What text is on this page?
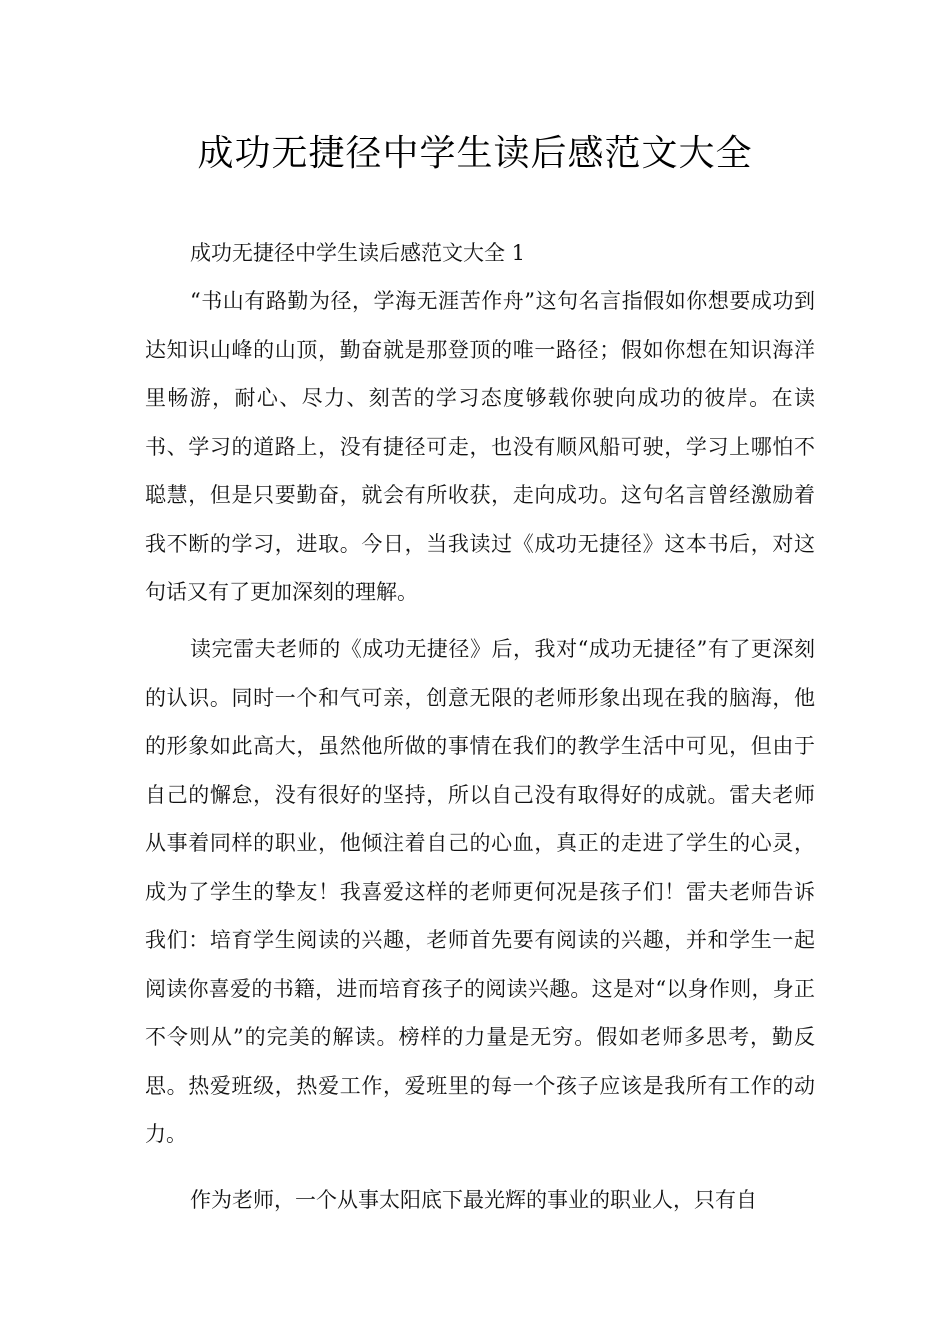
成功无捷径中学生读后感范文大全

成功无捷径中学生读后感范文大全 1

“书山有路勤为径，学海无涯苦作舟”这句名言指假如你想要成功到达知识山峰的山顶，勤奋就是那登顶的唯一路径；假如你想在知识海洋里畅游，耐心、尽力、刻苦的学习态度够载你驶向成功的彼岸。在读书、学习的道路上，没有捷径可走，也没有顺风船可驶，学习上哪怕不聪慧，但是只要勤奋，就会有所收获，走向成功。这句名言曾经激励着我不断的学习，进取。今日，当我读过《成功无捷径》这本书后，对这句话又有了更加深刻的理解。

读完雷夫老师的《成功无捷径》后，我对“成功无捷径”有了更深刻的认识。同时一个和气可亲，创意无限的老师形象出现在我的脑海，他的形象如此高大，虽然他所做的事情在我们的教学生活中可见，但由于自己的懈怠，没有很好的坚持，所以自己没有取得好的成就。雷夫老师从事着同样的职业，他倾注着自己的心血，真正的走进了学生的心灵，成为了学生的挚友！我喜爱这样的老师更何况是孩子们！雷夫老师告诉我们：培育学生阅读的兴趣，老师首先要有阅读的兴趣，并和学生一起阅读你喜爱的书籍，进而培育孩子的阅读兴趣。这是对“以身作则，身正不令则从”的完美的解读。榜样的力量是无穷。假如老师多思考，勤反思。热爱班级，热爱工作，爱班里的每一个孩子应该是我所有工作的动力。

作为老师，一个从事太阳底下最光辉的事业的职业人，只有自
